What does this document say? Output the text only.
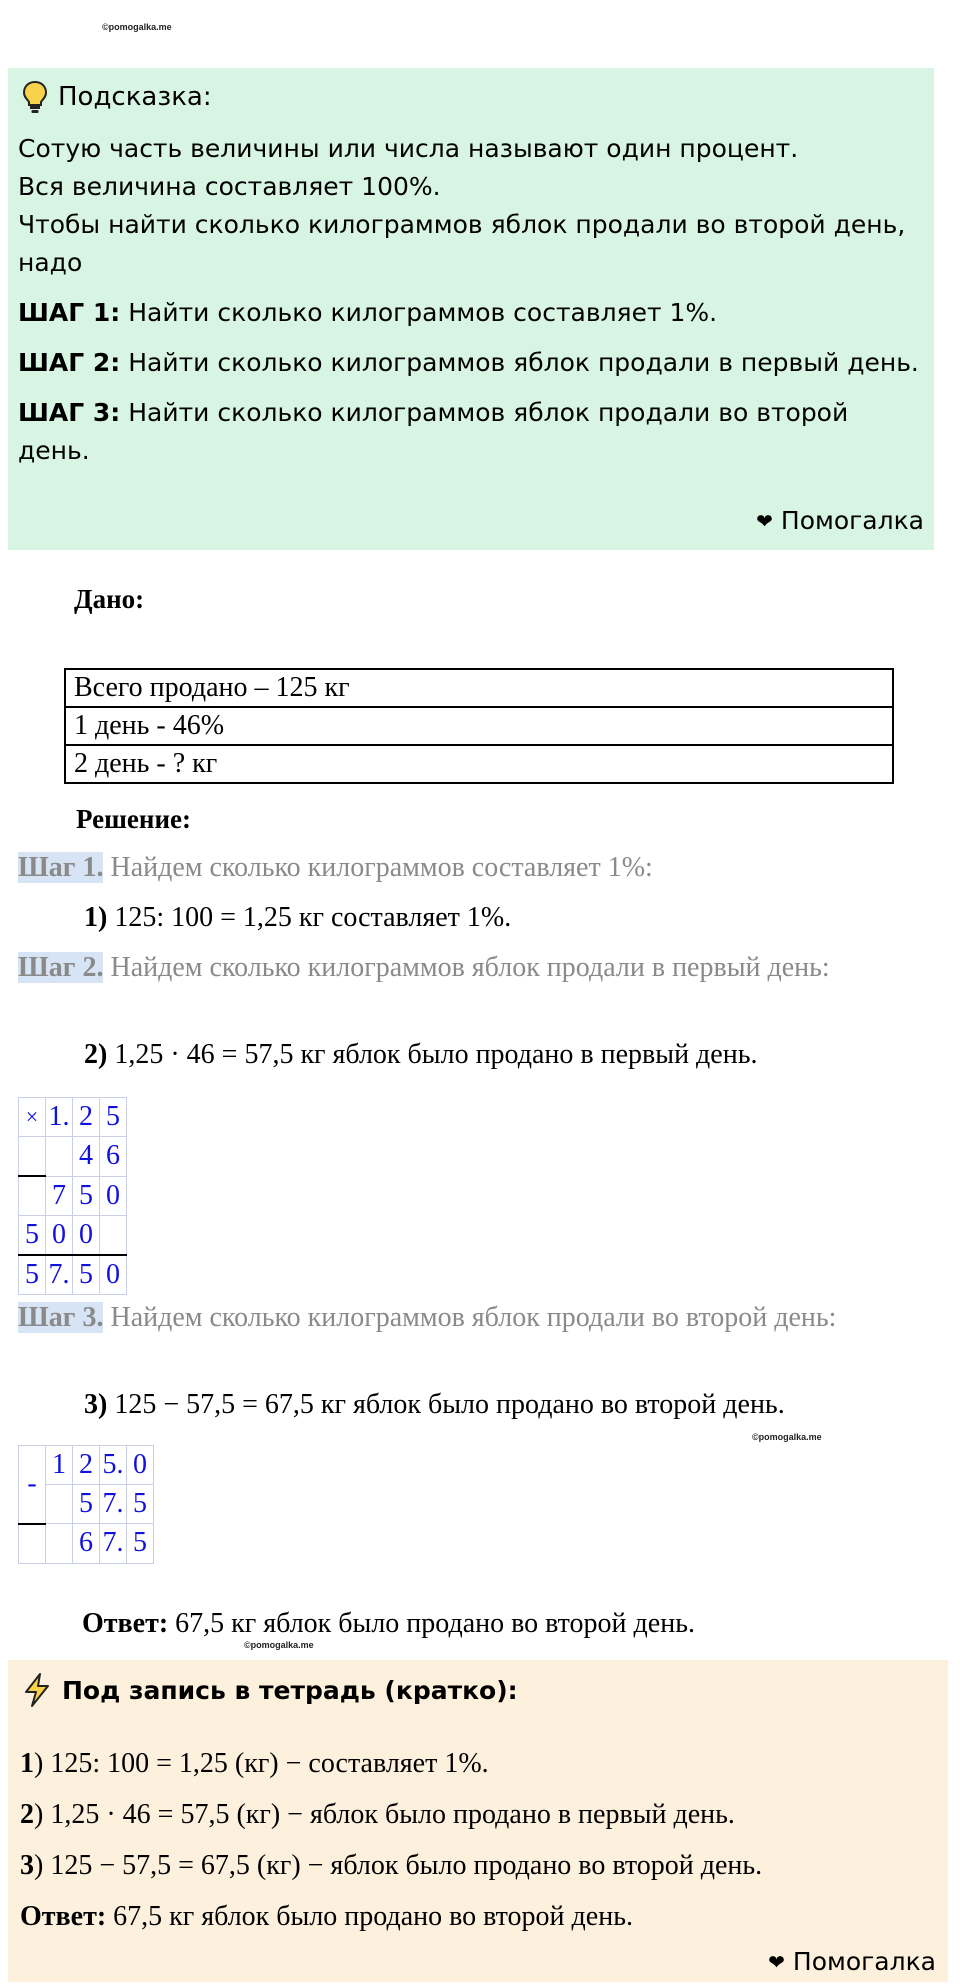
©pomogalka.me
Подсказка:

Сотую часть величины или числа называют один процент.

Вся величина составляет 100%.

Чтобы найти сколько килограммов яблок продали во второй день, надо

ШАГ 1: Найти сколько килограммов составляет 1%.

ШАГ 2: Найти сколько килограммов яблок продали в первый день.

ШАГ 3: Найти сколько килограммов яблок продали во второй день.

❤ Помогалка
Дано:
Всего продано – 125 кг
1 день - 46%
2 день - ? кг
Решение:
Шаг 1. Найдем сколько килограммов составляет 1%:
1) 125: 100 = 1,25 кг составляет 1%.
Шаг 2. Найдем сколько килограммов яблок продали в первый день:
2) 1,25 · 46 = 57,5 кг яблок было продано в первый день.
×	1.	2	5
		4	6
	7	5	0
5	0	0	
5	7.	5	0
Шаг 3. Найдем сколько килограммов яблок продали во второй день:
3) 125 − 57,5 = 67,5 кг яблок было продано во второй день.
©pomogalka.me
-	1	2	5.	0
		5	7.	5
		6	7.	5
Ответ: 67,5 кг яблок было продано во второй день.
©pomogalka.me
Под запись в тетрадь (кратко):
1) 125: 100 = 1,25 (кг) − составляет 1%.
2) 1,25 · 46 = 57,5 (кг) − яблок было продано в первый день.
3) 125 − 57,5 = 67,5 (кг) − яблок было продано во второй день.
Ответ: 67,5 кг яблок было продано во второй день.
❤ Помогалка
